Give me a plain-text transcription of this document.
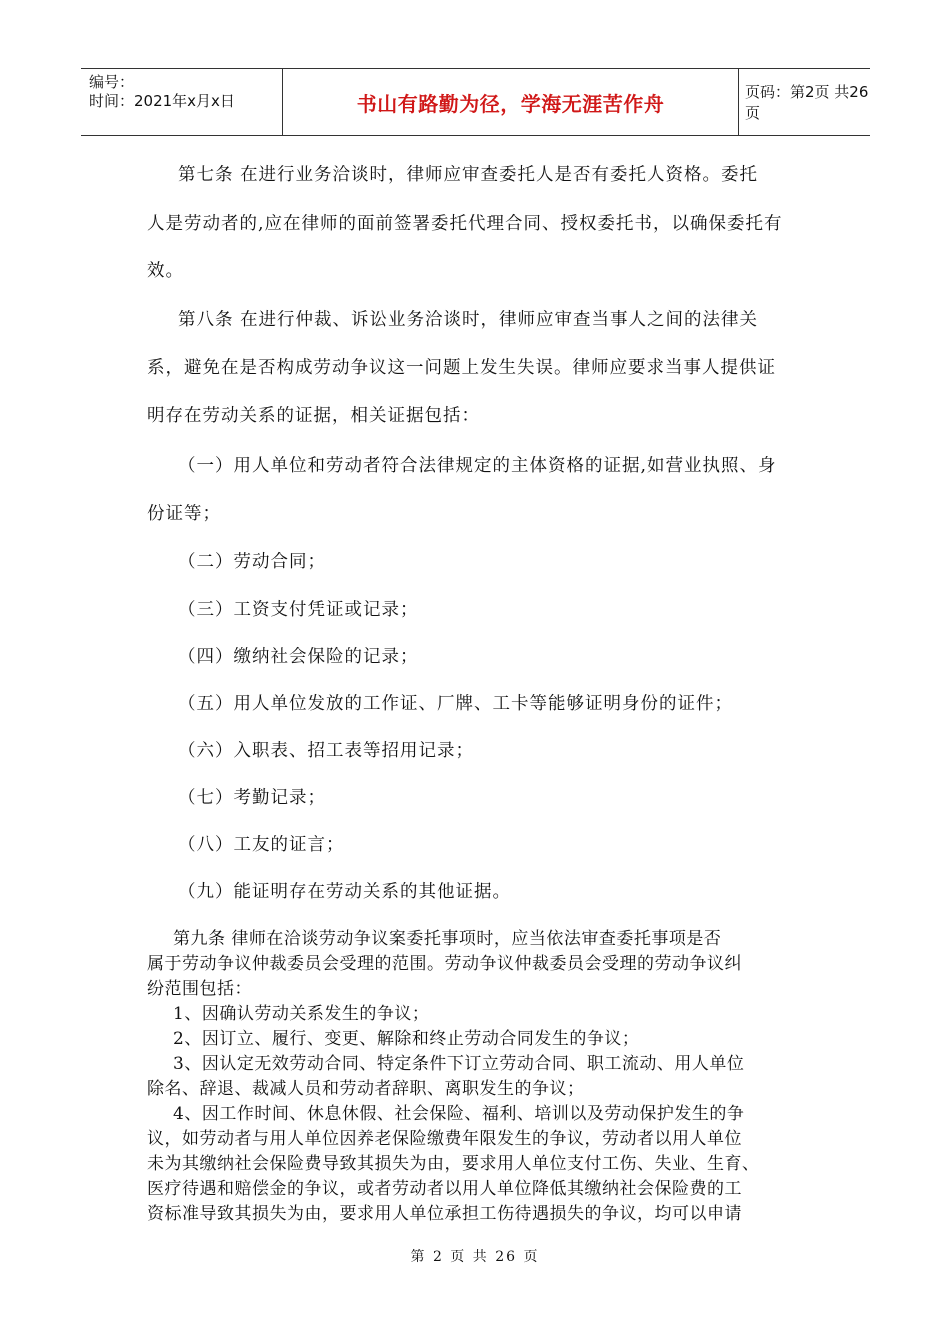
编号：
时间：2021年x月x日	书山有路勤为径，学海无涯苦作舟	页码：第2页 共26页
第七条 在进行业务洽谈时，律师应审查委托人是否有委托人资格。委托
人是劳动者的,应在律师的面前签署委托代理合同、授权委托书，以确保委托有
效。
第八条 在进行仲裁、诉讼业务洽谈时，律师应审查当事人之间的法律关
系，避免在是否构成劳动争议这一问题上发生失误。律师应要求当事人提供证
明存在劳动关系的证据，相关证据包括：
（一）用人单位和劳动者符合法律规定的主体资格的证据,如营业执照、身
份证等；
（二）劳动合同；
（三）工资支付凭证或记录；
（四）缴纳社会保险的记录；
（五）用人单位发放的工作证、厂牌、工卡等能够证明身份的证件；
（六）入职表、招工表等招用记录；
（七）考勤记录；
（八）工友的证言；
（九）能证明存在劳动关系的其他证据。
第九条 律师在洽谈劳动争议案委托事项时，应当依法审查委托事项是否
属于劳动争议仲裁委员会受理的范围。劳动争议仲裁委员会受理的劳动争议纠
纷范围包括：
1、因确认劳动关系发生的争议；
2、因订立、履行、变更、解除和终止劳动合同发生的争议；
3、因认定无效劳动合同、特定条件下订立劳动合同、职工流动、用人单位
除名、辞退、裁减人员和劳动者辞职、离职发生的争议；
4、因工作时间、休息休假、社会保险、福利、培训以及劳动保护发生的争
议，如劳动者与用人单位因养老保险缴费年限发生的争议，劳动者以用人单位
未为其缴纳社会保险费导致其损失为由，要求用人单位支付工伤、失业、生育、
医疗待遇和赔偿金的争议，或者劳动者以用人单位降低其缴纳社会保险费的工
资标准导致其损失为由，要求用人单位承担工伤待遇损失的争议，均可以申请
第 2 页 共 26 页
